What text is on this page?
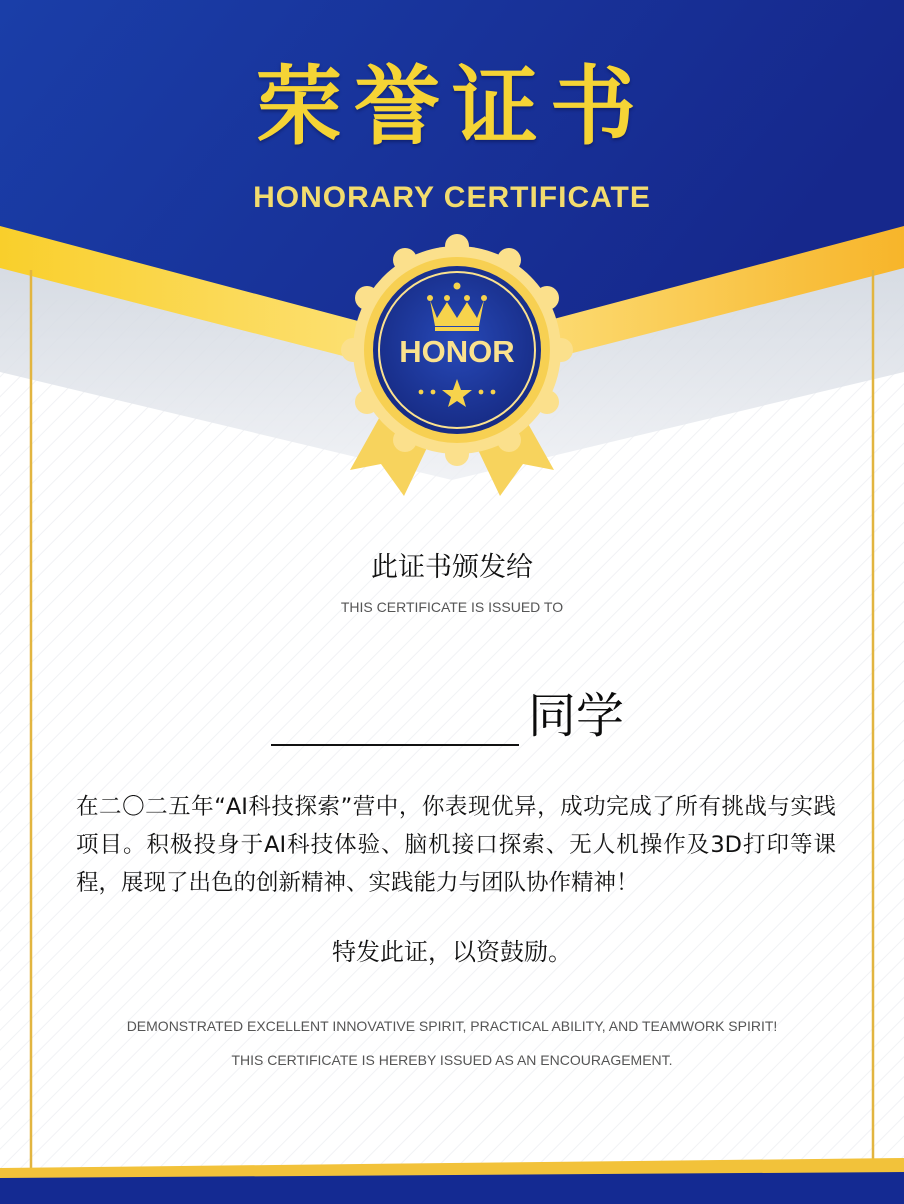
HONOR
荣誉证书
HONORARY CERTIFICATE
此证书颁发给
THIS CERTIFICATE IS ISSUED TO
同学
在二〇二五年“AI科技探索”营中，你表现优异，成功完成了所有挑战与实践项目。积极投身于AI科技体验、脑机接口探索、无人机操作及3D打印等课程，展现了出色的创新精神、实践能力与团队协作精神！
特发此证，以资鼓励。
DEMONSTRATED EXCELLENT INNOVATIVE SPIRIT, PRACTICAL ABILITY, AND TEAMWORK SPIRIT!
THIS CERTIFICATE IS HEREBY ISSUED AS AN ENCOURAGEMENT.
